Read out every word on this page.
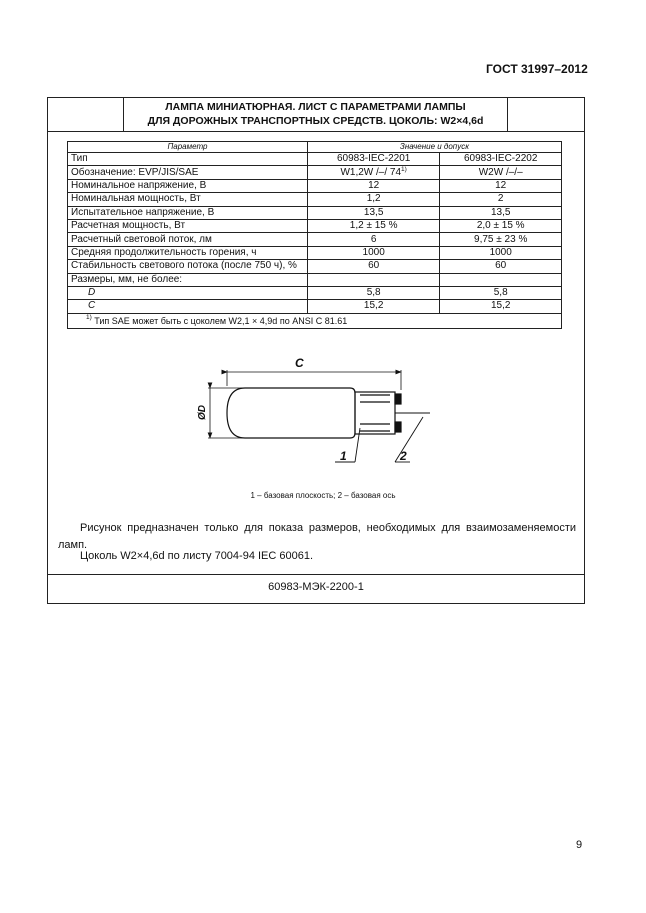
ГОСТ 31997–2012
ЛАМПА МИНИАТЮРНАЯ. ЛИСТ С ПАРАМЕТРАМИ ЛАМПЫ
ДЛЯ ДОРОЖНЫХ ТРАНСПОРТНЫХ СРЕДСТВ. ЦОКОЛЬ: W2×4,6d
Параметр	Значение и допуск	
Тип	60983-IEC-2201	60983-IEC-2202
Обозначение: EVP/JIS/SAE	W1,2W /–/ 74$^{1)}$	W2W /–/–
Номинальное напряжение, В	12	12
Номинальная мощность, Вт	1,2	2
Испытательное напряжение, В	13,5	13,5
Расчетная мощность, Вт	1,2 ± 15 %	2,0 ± 15 %
Расчетный световой поток, лм	6	9,75 ± 23 %
Средняя продолжительность горения, ч	1000	1000
Стабильность светового потока (после 750 ч), %	60	60
Размеры, мм, не более:		
D	5,8	5,8
C	15,2	15,2
$^{1)}$ Тип SAE может быть с цоколем W2,1 × 4,9d по ANSI C 81.61		
C
ØD
1	2
1 – базовая плоскость; 2 – базовая ось
Рисунок предназначен только для показа размеров, необходимых для взаимозаменяемости ламп.
Цоколь W2×4,6d по листу 7004-94 IEC 60061.
60983-МЭК-2200-1
9
